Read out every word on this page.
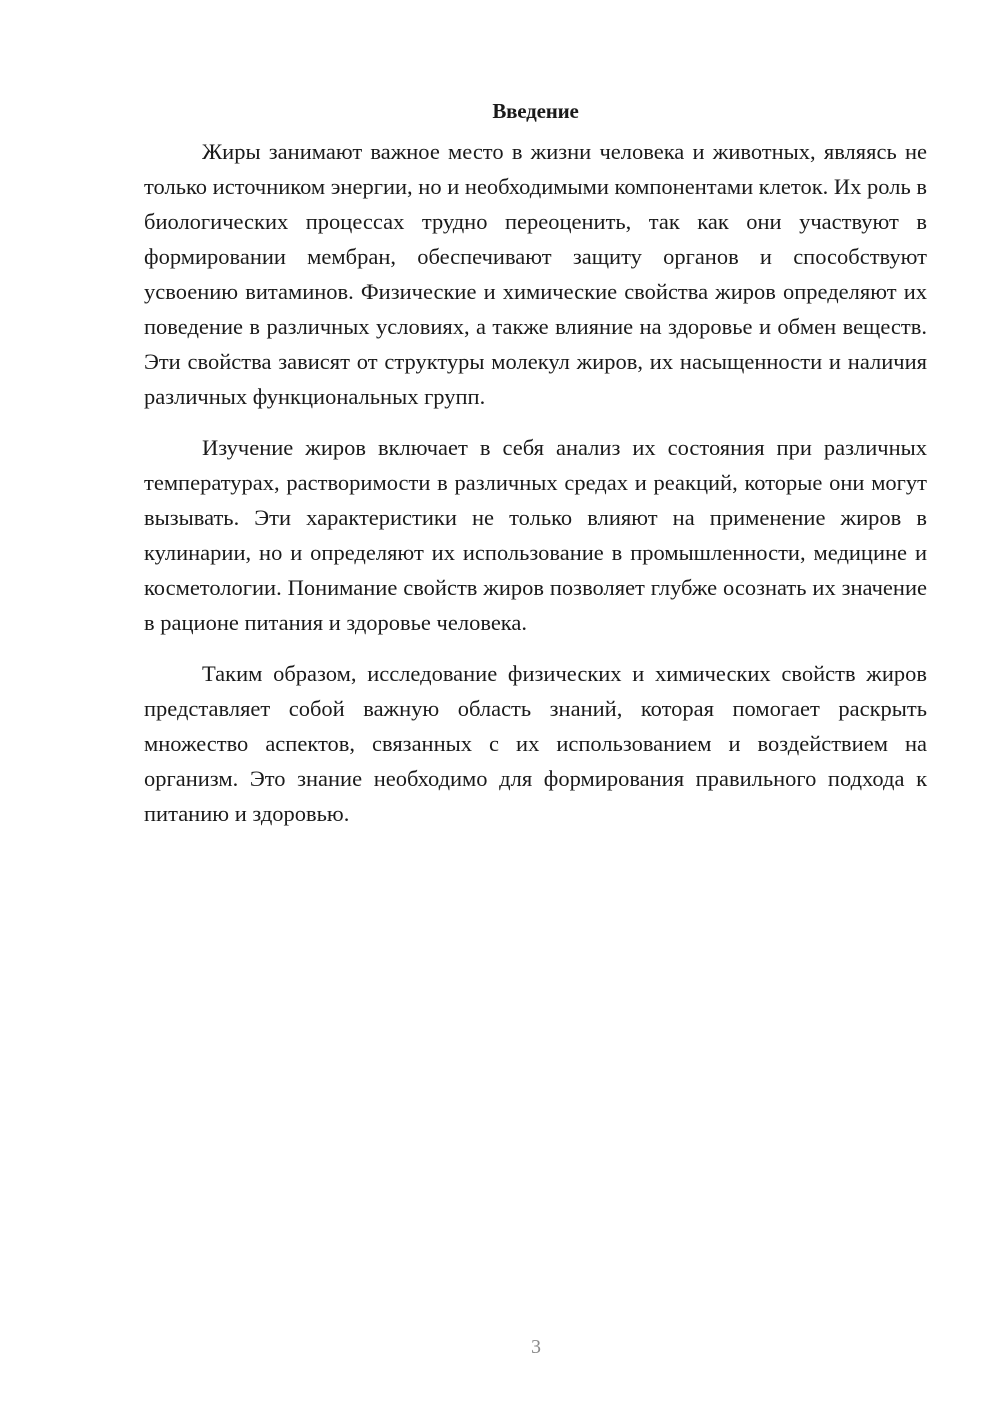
Введение

Жиры занимают важное место в жизни человека и животных, являясь не только источником энергии, но и необходимыми компонентами клеток. Их роль в биологических процессах трудно переоценить, так как они участвуют в формировании мембран, обеспечивают защиту органов и способствуют усвоению витаминов. Физические и химические свойства жиров определяют их поведение в различных условиях, а также влияние на здоровье и обмен веществ. Эти свойства зависят от структуры молекул жиров, их насыщенности и наличия различных функциональных групп.

Изучение жиров включает в себя анализ их состояния при различных температурах, растворимости в различных средах и реакций, которые они могут вызывать. Эти характеристики не только влияют на применение жиров в кулинарии, но и определяют их использование в промышленности, медицине и косметологии. Понимание свойств жиров позволяет глубже осознать их значение в рационе питания и здоровье человека.

Таким образом, исследование физических и химических свойств жиров представляет собой важную область знаний, которая помогает раскрыть множество аспектов, связанных с их использованием и воздействием на организм. Это знание необходимо для формирования правильного подхода к питанию и здоровью.

3
